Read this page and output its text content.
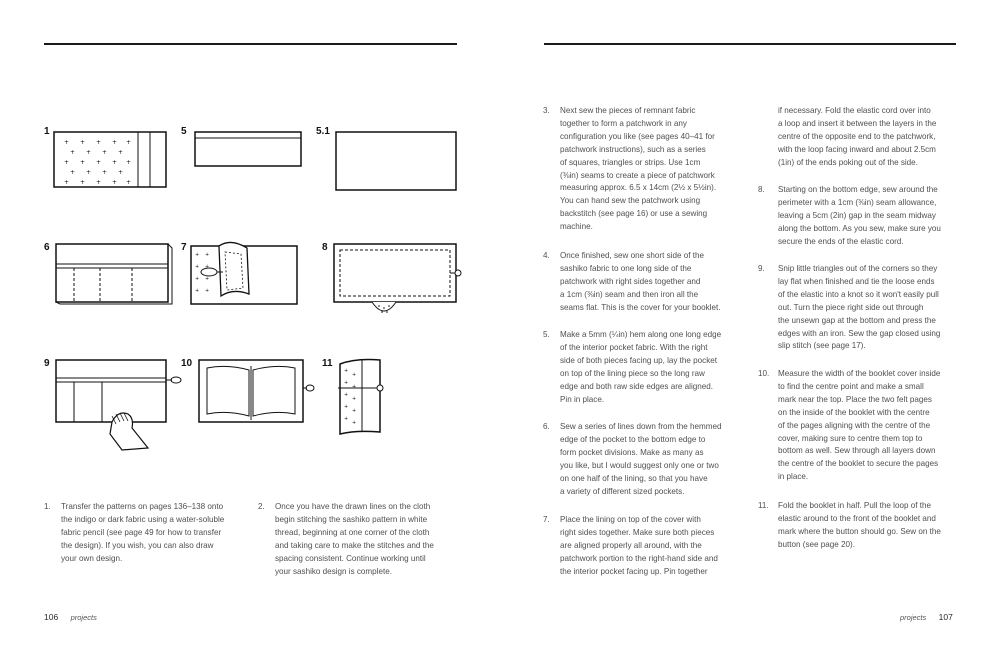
1
+ + + + +
+ + + +
+ + + + +
+ + + +
+ + + + +
5	5.1
6	7
+ +
+ +
+ +
+ +
8
9	10	11
+
+
+
+
+
+
+
+
+
+
1. Transfer the patterns on pages 136–138 onto
the indigo or dark fabric using a water-soluble
fabric pencil (see page 49 for how to transfer
the design). If you wish, you can also draw
your own design.
2. Once you have the drawn lines on the cloth
begin stitching the sashiko pattern in white
thread, beginning at one corner of the cloth
and taking care to make the stitches and the
spacing consistent. Continue working until
your sashiko design is complete.
106 projects
3. Next sew the pieces of remnant fabric
together to form a patchwork in any
configuration you like (see pages 40–41 for
patchwork instructions), such as a series
of squares, triangles or strips. Use 1cm
(⅜in) seams to create a piece of patchwork
measuring approx. 6.5 x 14cm (2½ x 5½in).
You can hand sew the patchwork using
backstitch (see page 16) or use a sewing
machine.
4. Once finished, sew one short side of the
sashiko fabric to one long side of the
patchwork with right sides together and
a 1cm (⅜in) seam and then iron all the
seams flat. This is the cover for your booklet.
5. Make a 5mm (¼in) hem along one long edge
of the interior pocket fabric. With the right
side of both pieces facing up, lay the pocket
on top of the lining piece so the long raw
edge and both raw side edges are aligned.
Pin in place.
6. Sew a series of lines down from the hemmed
edge of the pocket to the bottom edge to
form pocket divisions. Make as many as
you like, but I would suggest only one or two
on one half of the lining, so that you have
a variety of different sized pockets.
7. Place the lining on top of the cover with
right sides together. Make sure both pieces
are aligned properly all around, with the
patchwork portion to the right-hand side and
the interior pocket facing up. Pin together
if necessary. Fold the elastic cord over into
a loop and insert it between the layers in the
centre of the opposite end to the patchwork,
with the loop facing inward and about 2.5cm
(1in) of the ends poking out of the side.
8. Starting on the bottom edge, sew around the
perimeter with a 1cm (⅜in) seam allowance,
leaving a 5cm (2in) gap in the seam midway
along the bottom. As you sew, make sure you
secure the ends of the elastic cord.
9. Snip little triangles out of the corners so they
lay flat when finished and tie the loose ends
of the elastic into a knot so it won't easily pull
out. Turn the piece right side out through
the unsewn gap at the bottom and press the
edges with an iron. Sew the gap closed using
slip stitch (see page 17).
10. Measure the width of the booklet cover inside
to find the centre point and make a small
mark near the top. Place the two felt pages
on the inside of the booklet with the centre
of the pages aligning with the centre of the
cover, making sure to centre them top to
bottom as well. Sew through all layers down
the centre of the booklet to secure the pages
in place.
11. Fold the booklet in half. Pull the loop of the
elastic around to the front of the booklet and
mark where the button should go. Sew on the
button (see page 20).
projects 107
